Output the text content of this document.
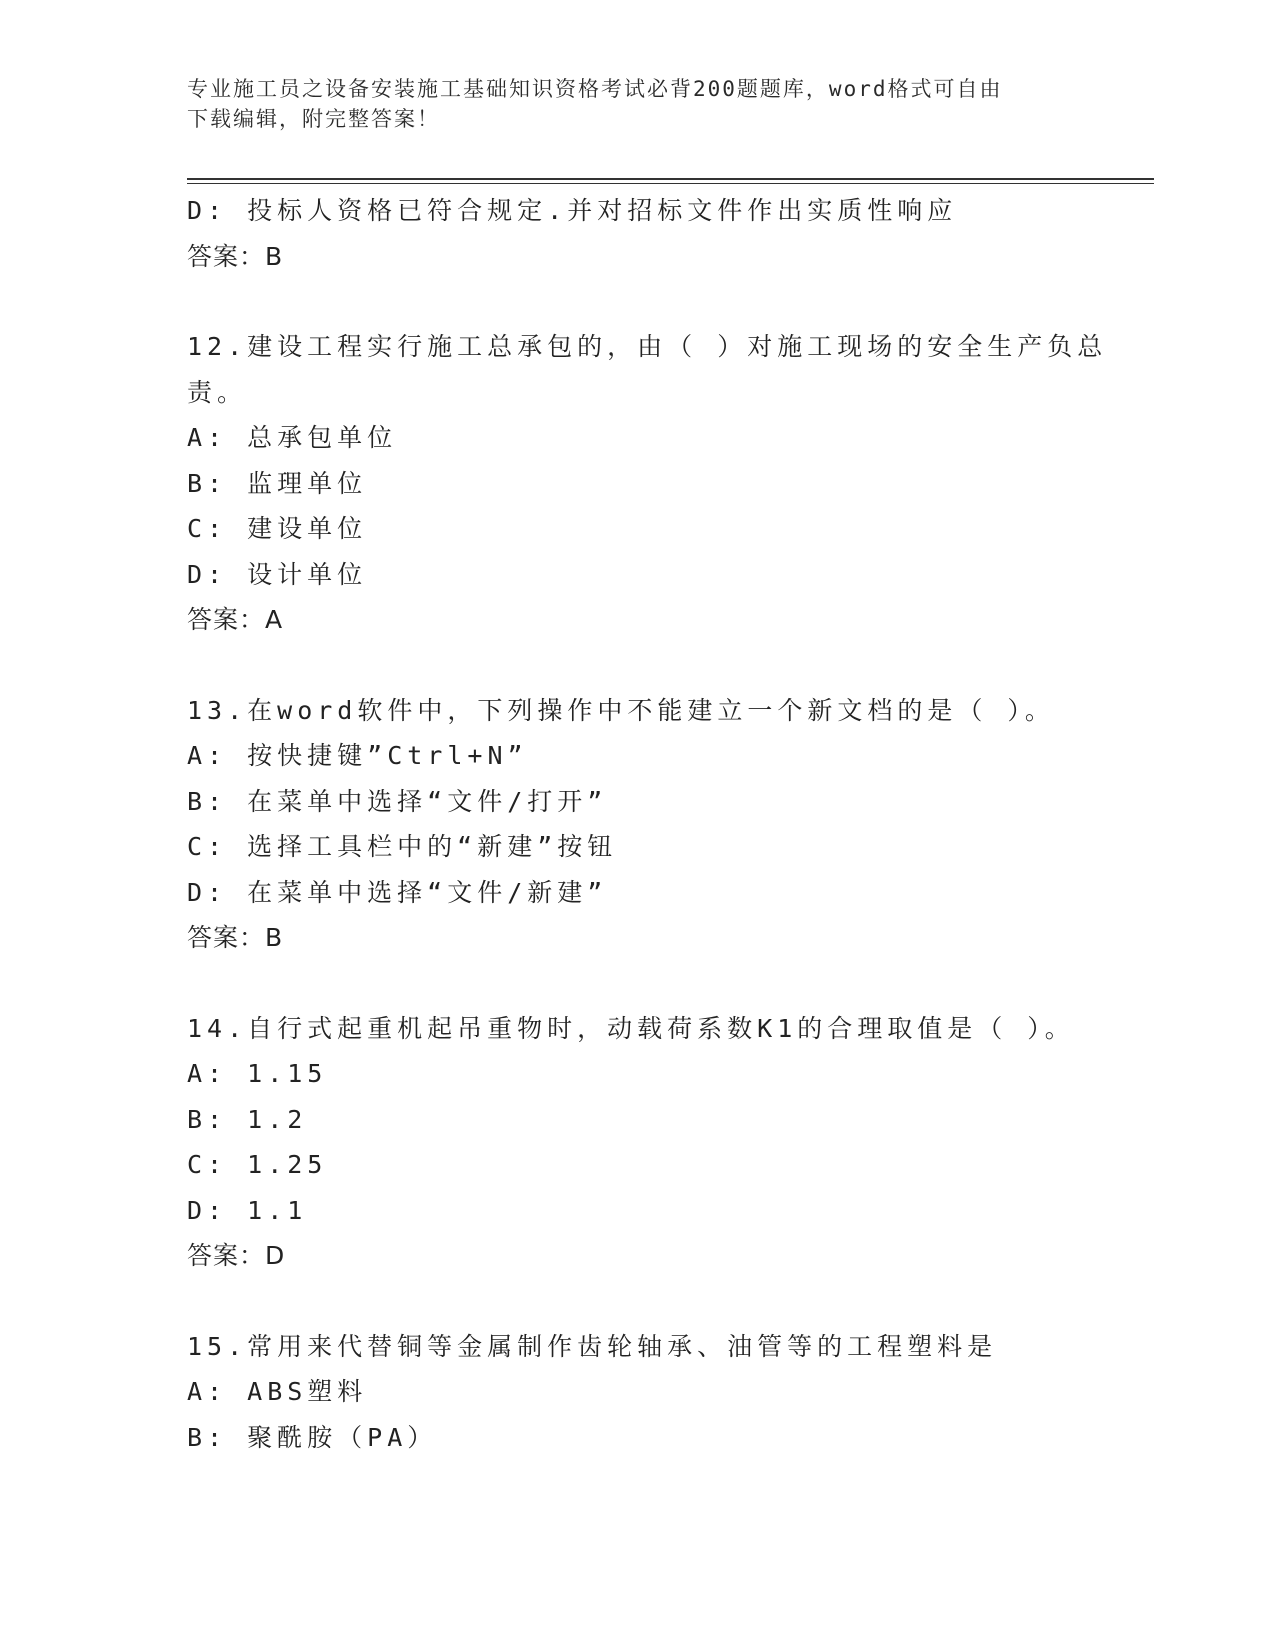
专业施工员之设备安装施工基础知识资格考试必背200题题库，word格式可自由
下载编辑，附完整答案！
D: 投标人资格已符合规定.并对招标文件作出实质性响应
答案：B
12.建设工程实行施工总承包的，由（ ）对施工现场的安全生产负总
责。
A: 总承包单位
B: 监理单位
C: 建设单位
D: 设计单位
答案：A
13.在word软件中，下列操作中不能建立一个新文档的是（ ）。
A: 按快捷键”Ctrl+N”
B: 在菜单中选择“文件/打开”
C: 选择工具栏中的“新建”按钮
D: 在菜单中选择“文件/新建”
答案：B
14.自行式起重机起吊重物时，动载荷系数K1的合理取值是（ ）。
A: 1.15
B: 1.2
C: 1.25
D: 1.1
答案：D
15.常用来代替铜等金属制作齿轮轴承、油管等的工程塑料是
A: ABS塑料
B: 聚酰胺（PA）
